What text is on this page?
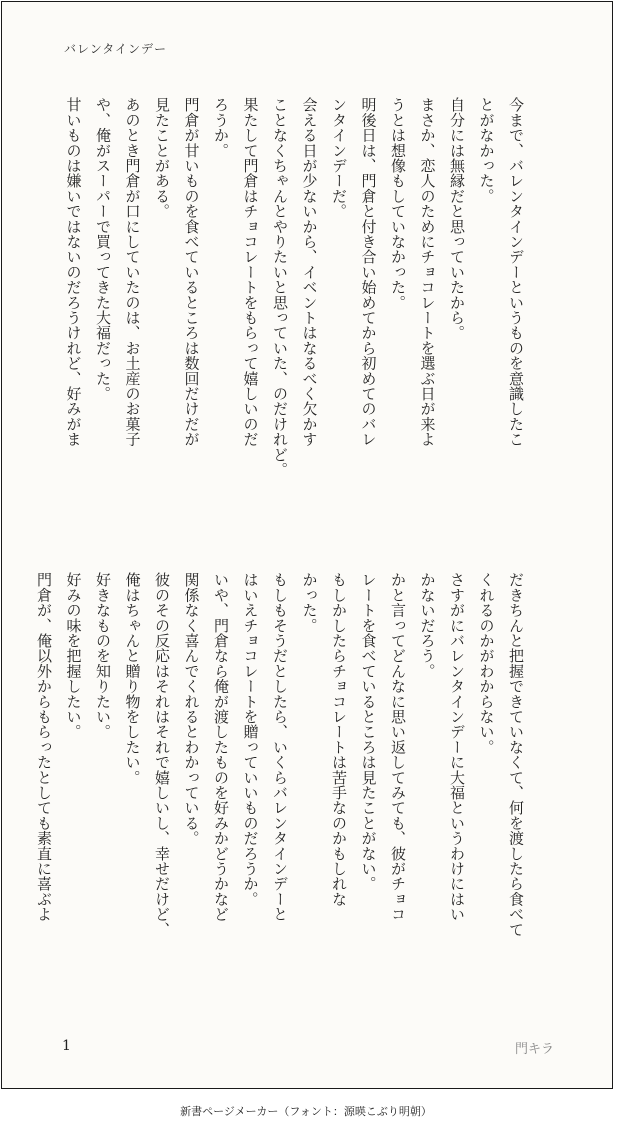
バレンタインデー
今まで、バレンタインデーというものを意識したこ
とがなかった。
自分には無縁だと思っていたから。
まさか、恋人のためにチョコレートを選ぶ日が来よ
うとは想像もしていなかった。
明後日は、門倉と付き合い始めてから初めてのバレ
ンタインデーだ。
会える日が少ないから、イベントはなるべく欠かす
ことなくちゃんとやりたいと思っていた、のだけれど。
果たして門倉はチョコレートをもらって嬉しいのだ
ろうか。
門倉が甘いものを食べているところは数回だけだが
見たことがある。
あのとき門倉が口にしていたのは、お土産のお菓子
や、俺がスーパーで買ってきた大福だった。
甘いものは嫌いではないのだろうけれど、好みがま
だきちんと把握できていなくて、何を渡したら食べて
くれるのかがわからない。
さすがにバレンタインデーに大福というわけにはい
かないだろう。
かと言ってどんなに思い返してみても、彼がチョコ
レートを食べているところは見たことがない。
もしかしたらチョコレートは苦手なのかもしれな
かった。
もしもそうだとしたら、いくらバレンタインデーと
はいえチョコレートを贈っていいものだろうか。
いや、門倉なら俺が渡したものを好みかどうかなど
関係なく喜んでくれるとわかっている。
彼のその反応はそれはそれで嬉しいし、幸せだけど、
俺はちゃんと贈り物をしたい。
好きなものを知りたい。
好みの味を把握したい。
門倉が、俺以外からもらったとしても素直に喜ぶよ
1	門キラ
新書ページメーカー（フォント：源暎こぶり明朝）
